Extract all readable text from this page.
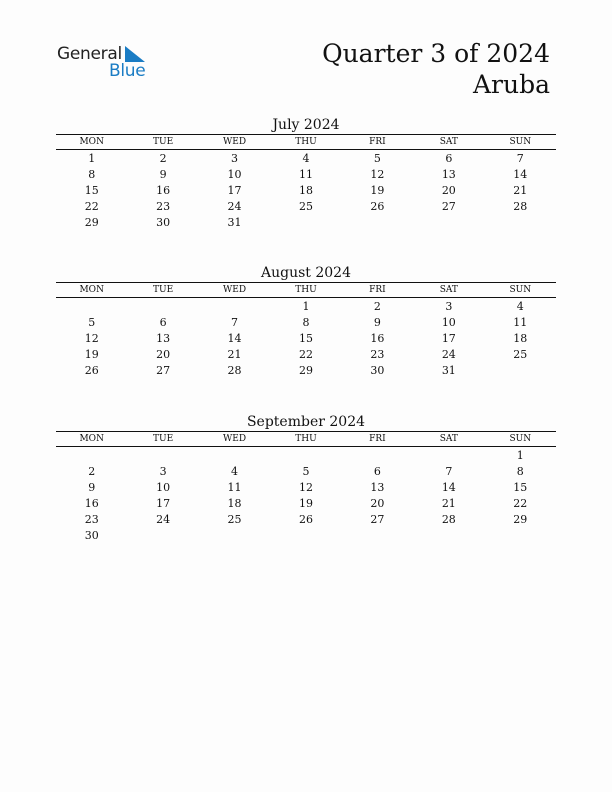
General
Blue
Quarter 3 of 2024
Aruba
July 2024
MON	TUE	WED	THU	FRI	SAT	SUN
1	2	3	4	5	6	7
8	9	10	11	12	13	14
15	16	17	18	19	20	21
22	23	24	25	26	27	28
29	30	31				
August 2024
MON	TUE	WED	THU	FRI	SAT	SUN
			1	2	3	4
5	6	7	8	9	10	11
12	13	14	15	16	17	18
19	20	21	22	23	24	25
26	27	28	29	30	31	
September 2024
MON	TUE	WED	THU	FRI	SAT	SUN
						1
2	3	4	5	6	7	8
9	10	11	12	13	14	15
16	17	18	19	20	21	22
23	24	25	26	27	28	29
30						
